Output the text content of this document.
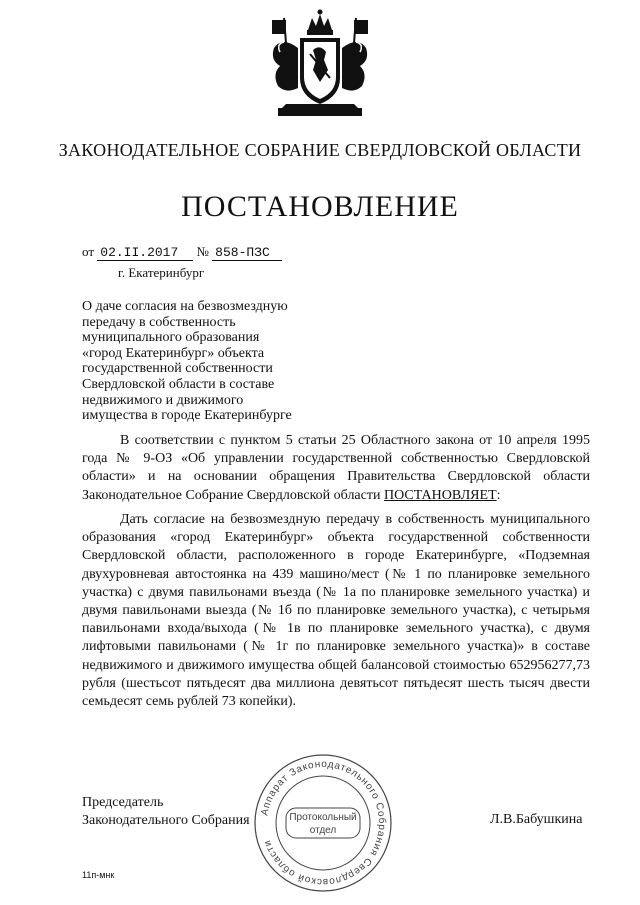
ЗАКОНОДАТЕЛЬНОЕ СОБРАНИЕ СВЕРДЛОВСКОЙ ОБЛАСТИ
ПОСТАНОВЛЕНИЕ
от 02.II.2017 № 858-ПЗС
г. Екатеринбург
О даче согласия на безвозмездную
передачу в собственность
муниципального образования
«город Екатеринбург» объекта
государственной собственности
Свердловской области в составе
недвижимого и движимого
имущества в городе Екатеринбурге
В соответствии с пунктом 5 статьи 25 Областного закона от 10 апреля 1995 года № 9-ОЗ «Об управлении государственной собственностью Свердловской области» и на основании обращения Правительства Свердловской области Законодательное Собрание Свердловской области ПОСТАНОВЛЯЕТ:
Дать согласие на безвозмездную передачу в собственность муниципального образования «город Екатеринбург» объекта государственной собственности Свердловской области, расположенного в городе Екатеринбурге, «Подземная двухуровневая автостоянка на 439 машино/мест (№ 1 по планировке земельного участка) с двумя павильонами въезда (№ 1а по планировке земельного участка) и двумя павильонами выезда (№ 1б по планировке земельного участка), с четырьмя павильонами входа/выхода (№ 1в по планировке земельного участка), с двумя лифтовыми павильонами (№ 1г по планировке земельного участка)» в составе недвижимого и движимого имущества общей балансовой стоимостью 652956277,73 рубля (шестьсот пятьдесят два миллиона девятьсот пятьдесят шесть тысяч двести семьдесят семь рублей 73 копейки).
Председатель
Законодательного Собрания
Аппарат Законодательного Собрания Свердловской области
Протокольный
отдел
Л.В.Бабушкина
11п-мнк
